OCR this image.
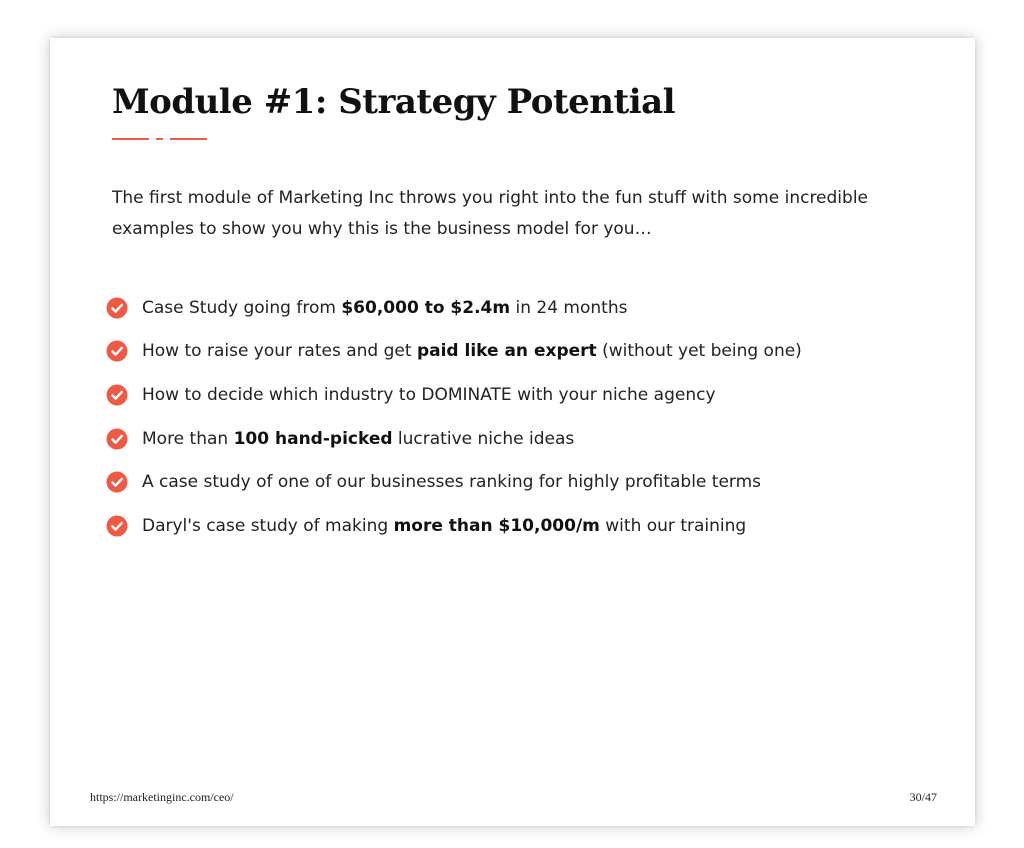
Module #1: Strategy Potential

The first module of Marketing Inc throws you right into the fun stuff with some incredible examples to show you why this is the business model for you…

Case Study going from $60,000 to $2.4m in 24 months
How to raise your rates and get paid like an expert (without yet being one)
How to decide which industry to DOMINATE with your niche agency
More than 100 hand-picked lucrative niche ideas
A case study of one of our businesses ranking for highly profitable terms
Daryl's case study of making more than $10,000/m with our training
https://marketinginc.com/ceo/	30/47
